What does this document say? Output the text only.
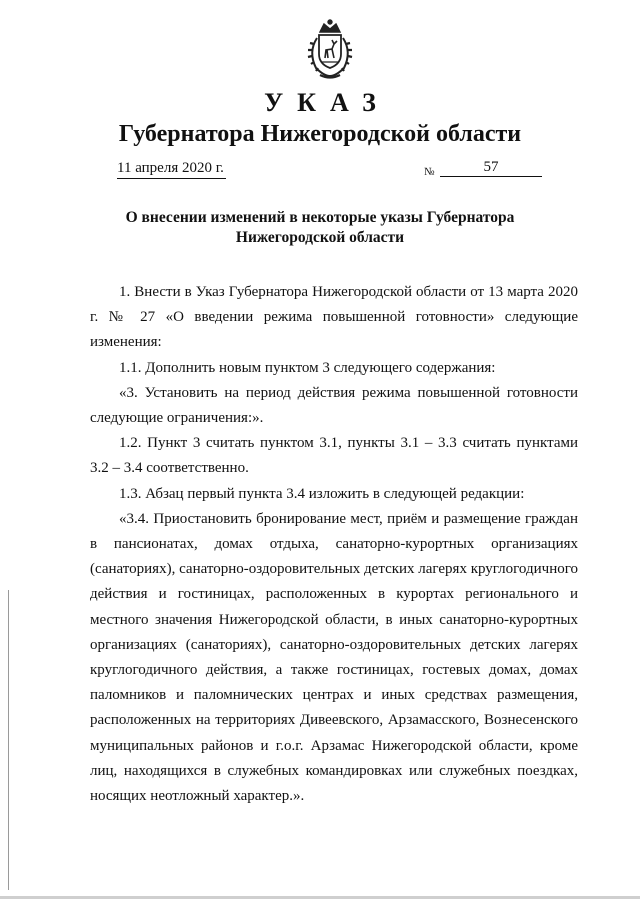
УКАЗ
Губернатора Нижегородской области
11 апреля 2020 г.	№	57
О внесении изменений в некоторые указы Губернатора Нижегородской области

1. Внести в Указ Губернатора Нижегородской области от 13 марта 2020 г. № 27 «О введении режима повышенной готовности» следующие изменения:

1.1. Дополнить новым пунктом 3 следующего содержания:

«3. Установить на период действия режима повышенной готовности следующие ограничения:».

1.2. Пункт 3 считать пунктом 3.1, пункты 3.1 – 3.3 считать пунктами 3.2 – 3.4 соответственно.

1.3. Абзац первый пункта 3.4 изложить в следующей редакции:

«3.4. Приостановить бронирование мест, приём и размещение граждан в пансионатах, домах отдыха, санаторно-курортных организациях (санаториях), санаторно-оздоровительных детских лагерях круглогодичного действия и гостиницах, расположенных в курортах регионального и местного значения Нижегородской области, в иных санаторно-курортных организациях (санаториях), санаторно-оздоровительных детских лагерях круглогодичного действия, а также гостиницах, гостевых домах, домах паломников и паломнических центрах и иных средствах размещения, расположенных на территориях Дивеевского, Арзамасского, Вознесенского муниципальных районов и г.о.г. Арзамас Нижегородской области, кроме лиц, находящихся в служебных командировках или служебных поездках, носящих неотложный характер.».
